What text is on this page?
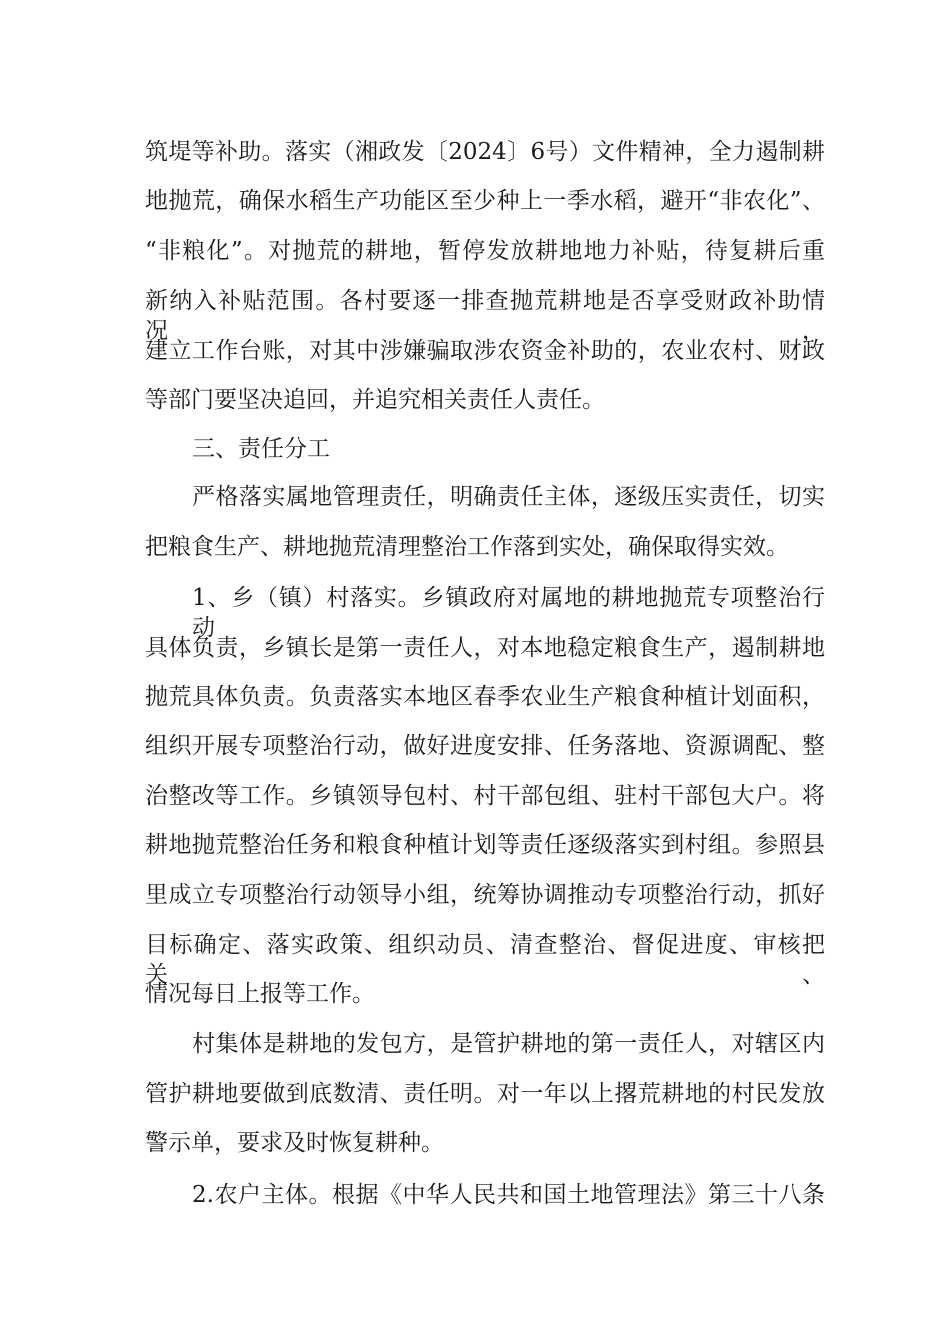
筑堤等补助。落实（湘政发〔2024〕6号）文件精神，全力遏制耕
地抛荒，确保水稻生产功能区至少种上一季水稻，避开“非农化”、
“非粮化”。对抛荒的耕地，暂停发放耕地地力补贴，待复耕后重
新纳入补贴范围。各村要逐一排查抛荒耕地是否享受财政补助情况，
建立工作台账，对其中涉嫌骗取涉农资金补助的，农业农村、财政
等部门要坚决追回，并追究相关责任人责任。
三、责任分工
严格落实属地管理责任，明确责任主体，逐级压实责任，切实
把粮食生产、耕地抛荒清理整治工作落到实处，确保取得实效。
1、乡（镇）村落实。乡镇政府对属地的耕地抛荒专项整治行动
具体负责，乡镇长是第一责任人，对本地稳定粮食生产，遏制耕地
抛荒具体负责。负责落实本地区春季农业生产粮食种植计划面积，
组织开展专项整治行动，做好进度安排、任务落地、资源调配、整
治整改等工作。乡镇领导包村、村干部包组、驻村干部包大户。将
耕地抛荒整治任务和粮食种植计划等责任逐级落实到村组。参照县
里成立专项整治行动领导小组，统筹协调推动专项整治行动，抓好
目标确定、落实政策、组织动员、清查整治、督促进度、审核把关、
情况每日上报等工作。
村集体是耕地的发包方，是管护耕地的第一责任人，对辖区内
管护耕地要做到底数清、责任明。对一年以上撂荒耕地的村民发放
警示单，要求及时恢复耕种。
2.农户主体。根据《中华人民共和国土地管理法》第三十八条
